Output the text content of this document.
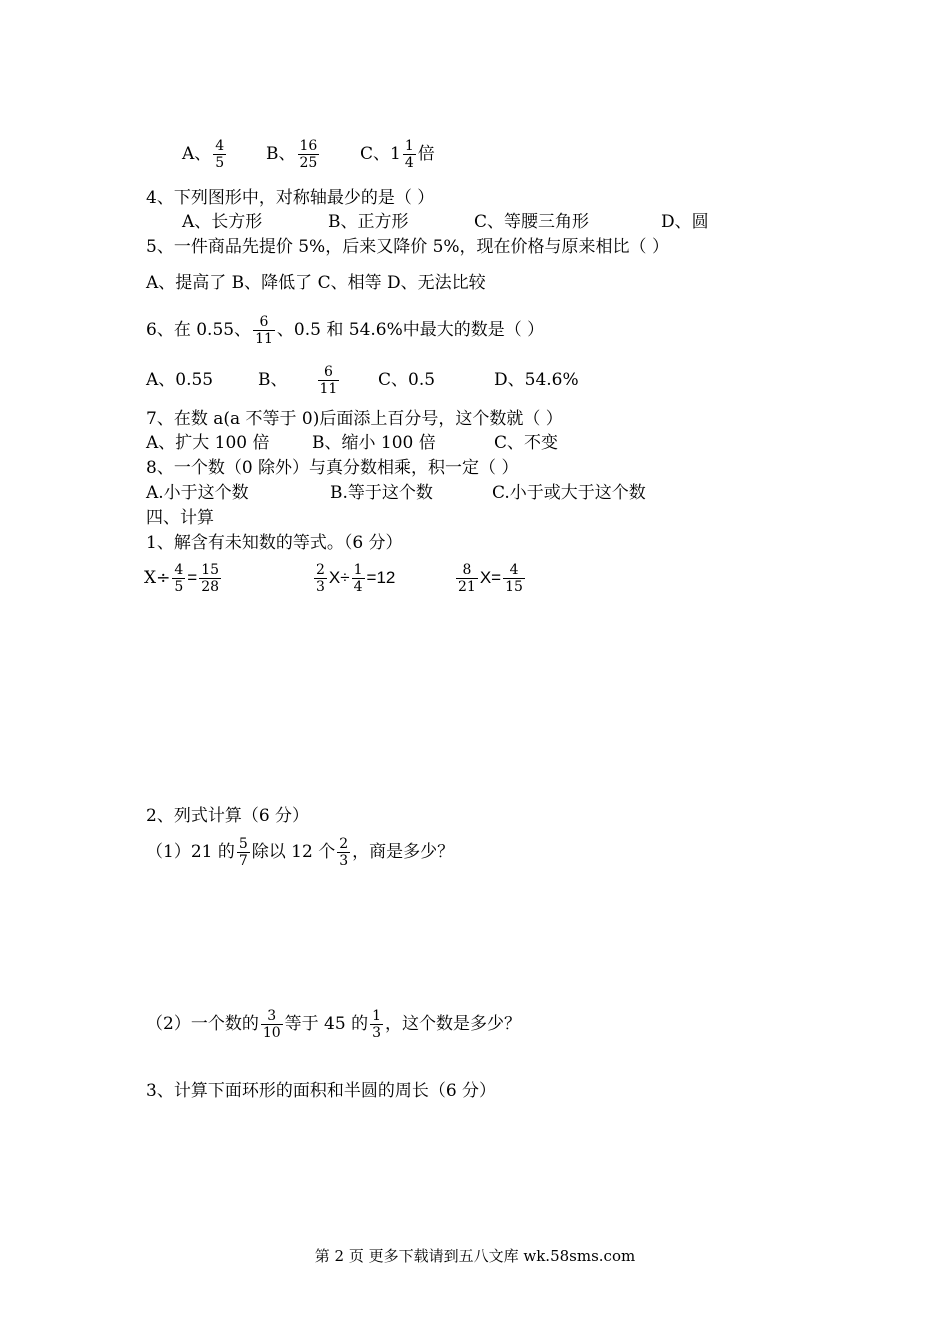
A、 $\frac{4}{5}$ B、 $\frac{16}{25}$ C、$1 \frac{1}{4}$ 倍
4、下列图形中，对称轴最少的是（ ）
A、长方形	B、正方形	C、等腰三角形	D、圆
5、一件商品先提价 5%，后来又降价 5%，现在价格与原来相比（ ）
A、提高了 B、降低了 C、相等 D、无法比较
6、在 0.55、 $\frac{6}{11}$ 、0.5 和 54.6%中最大的数是（ ）
A、0.55	B、 $\frac{6}{11}$ C、0.5	D、54.6%
7、在数 a(a 不等于 0)后面添上百分号，这个数就（ ）
A、扩大 100 倍 B、缩小 100 倍	C、不变
8、一个数（0 除外）与真分数相乘，积一定（ ）
A.小于这个数	B.等于这个数	C.小于或大于这个数
四、计算
1、解含有未知数的等式。（6 分）
$X\div \frac{4}{5} = \frac{15}{28}$	$\frac{2}{3} X\div \frac{1}{4} =12$	$\frac{8}{21} X= \frac{4}{15}$
2、列式计算（6 分）
（1）21 的 $\frac{5}{7}$ 除以 12 个 $\frac{2}{3}$ ，商是多少？
（2）一个数的 $\frac{3}{10}$ 等于 45 的 $\frac{1}{3}$ ，这个数是多少？
3、计算下面环形的面积和半圆的周长（6 分）
第 2 页 更多下载请到五八文库 wk.58sms.com
